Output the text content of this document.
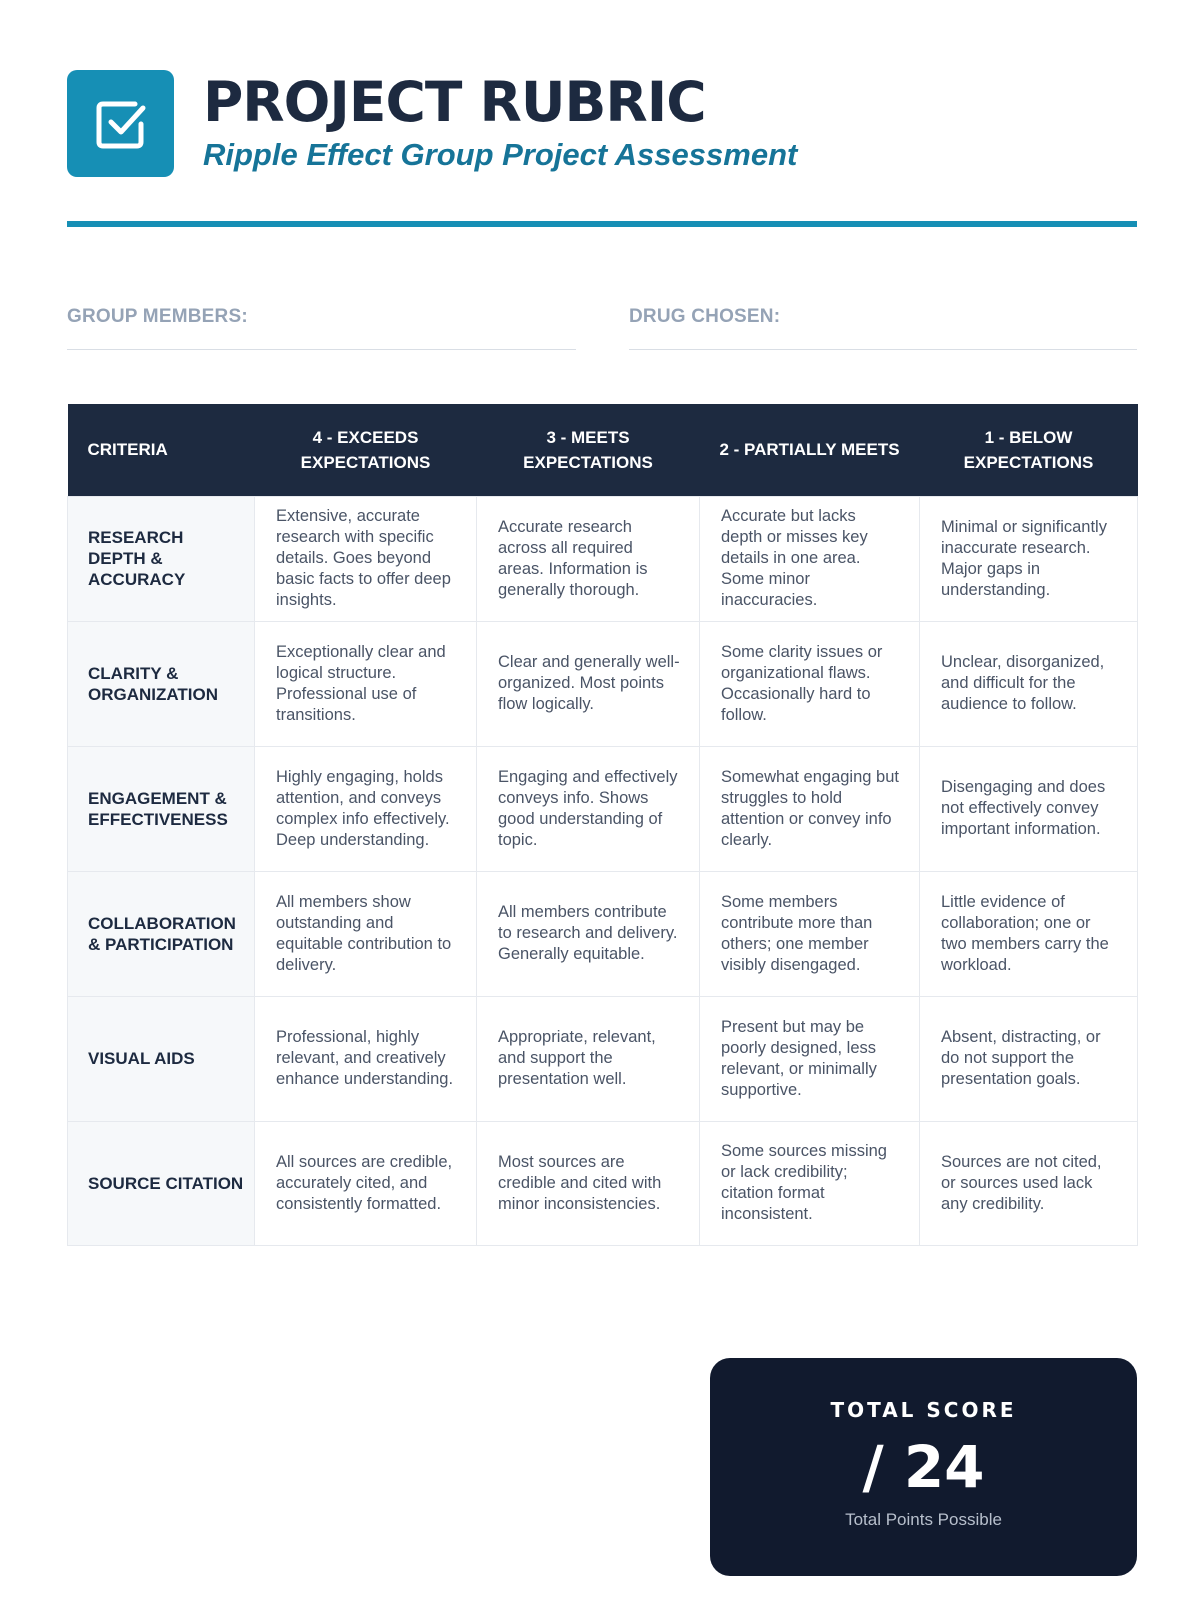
PROJECT RUBRIC
Ripple Effect Group Project Assessment
GROUP MEMBERS:	DRUG CHOSEN:
CRITERIA	4 - EXCEEDS EXPECTATIONS	3 - MEETS EXPECTATIONS	2 - PARTIALLY MEETS	1 - BELOW EXPECTATIONS
RESEARCH DEPTH & ACCURACY	Extensive, accurate research with specific details. Goes beyond basic facts to offer deep insights.	Accurate research across all required areas. Information is generally thorough.	Accurate but lacks depth or misses key details in one area. Some minor inaccuracies.	Minimal or significantly inaccurate research. Major gaps in understanding.
CLARITY & ORGANIZATION	Exceptionally clear and logical structure. Professional use of transitions.	Clear and generally well-organized. Most points flow logically.	Some clarity issues or organizational flaws. Occasionally hard to follow.	Unclear, disorganized, and difficult for the audience to follow.
ENGAGEMENT & EFFECTIVENESS	Highly engaging, holds attention, and conveys complex info effectively. Deep understanding.	Engaging and effectively conveys info. Shows good understanding of topic.	Somewhat engaging but struggles to hold attention or convey info clearly.	Disengaging and does not effectively convey important information.
COLLABORATION & PARTICIPATION	All members show outstanding and equitable contribution to delivery.	All members contribute to research and delivery. Generally equitable.	Some members contribute more than others; one member visibly disengaged.	Little evidence of collaboration; one or two members carry the workload.
VISUAL AIDS	Professional, highly relevant, and creatively enhance understanding.	Appropriate, relevant, and support the presentation well.	Present but may be poorly designed, less relevant, or minimally supportive.	Absent, distracting, or do not support the presentation goals.
SOURCE CITATION	All sources are credible, accurately cited, and consistently formatted.	Most sources are credible and cited with minor inconsistencies.	Some sources missing or lack credibility; citation format inconsistent.	Sources are not cited, or sources used lack any credibility.
TOTAL SCORE
/ 24
Total Points Possible
